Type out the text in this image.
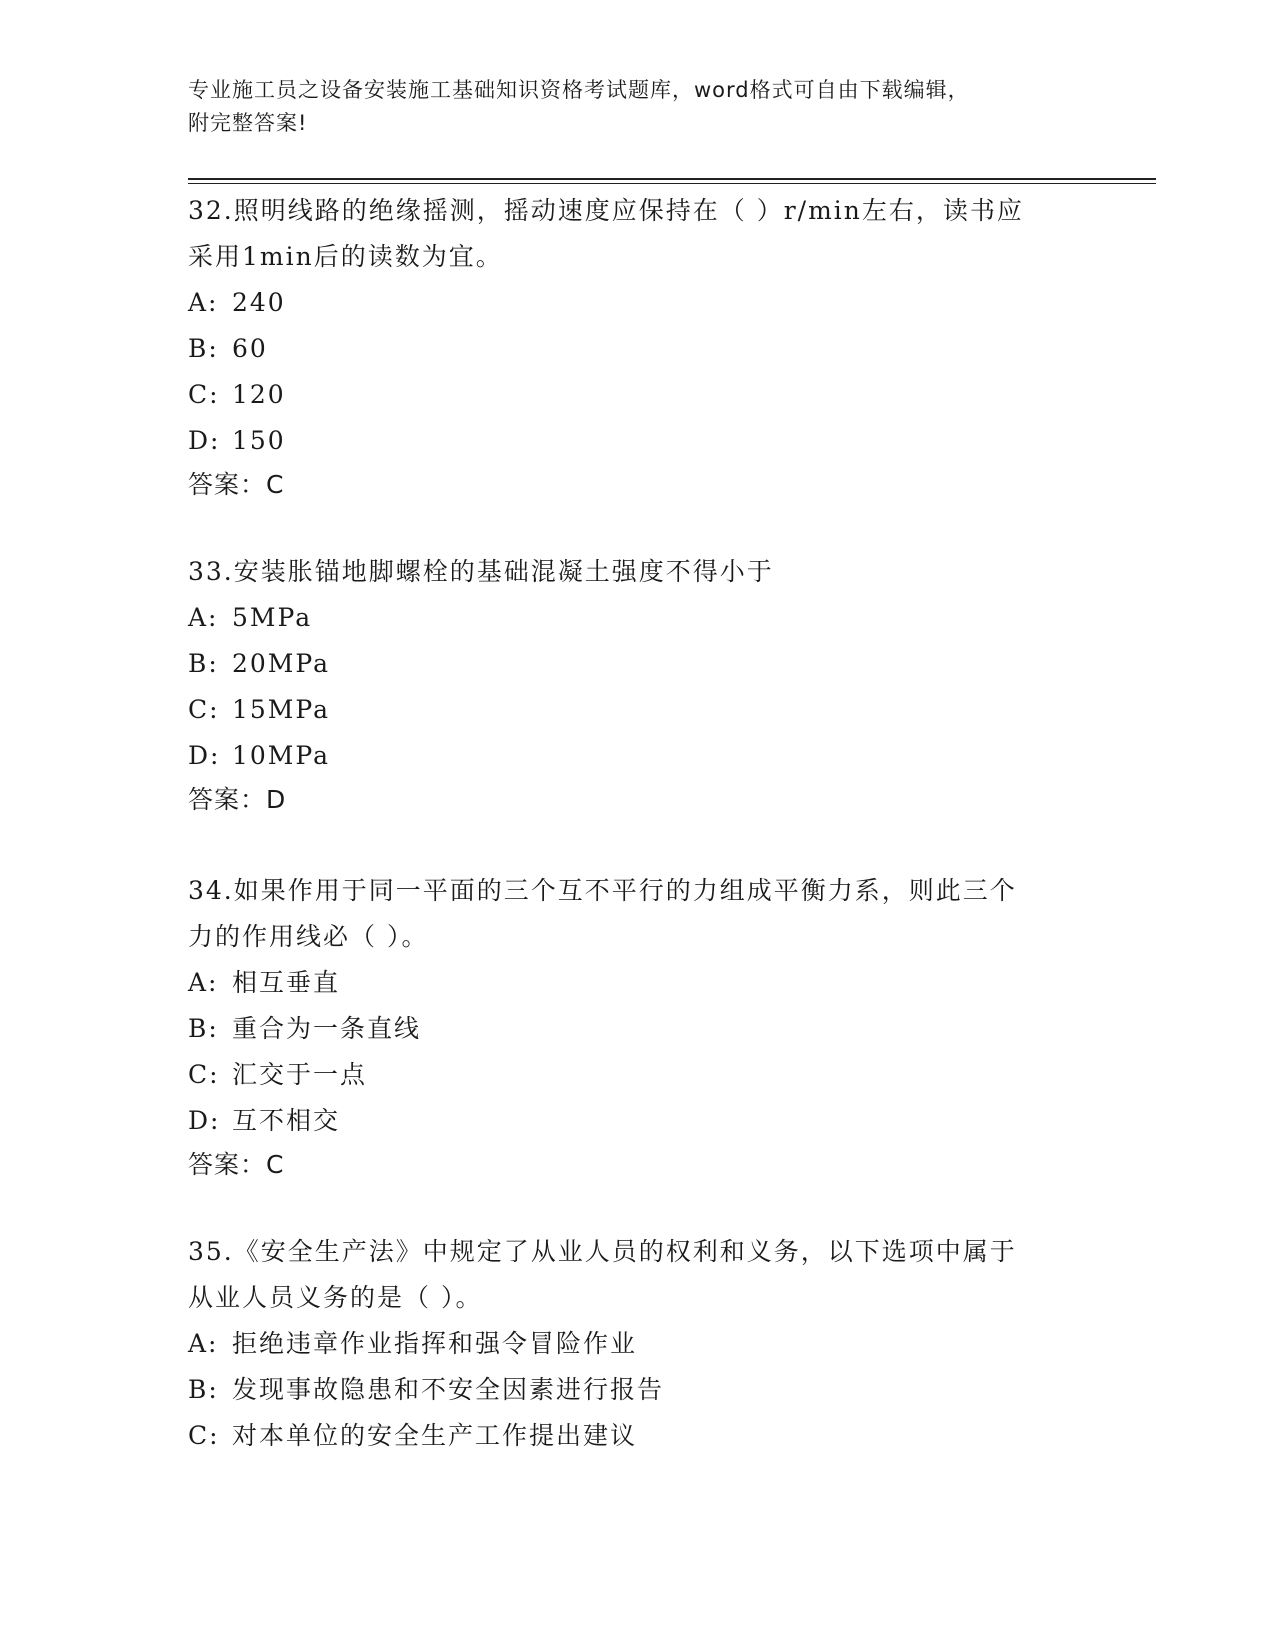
专业施工员之设备安装施工基础知识资格考试题库，word格式可自由下载编辑，

附完整答案!

32.照明线路的绝缘摇测，摇动速度应保持在（ ）r/min左右，读书应

采用1min后的读数为宜。

A: 240

B: 60

C: 120

D: 150

答案：C

33.安装胀锚地脚螺栓的基础混凝土强度不得小于

A: 5MPa

B: 20MPa

C: 15MPa

D: 10MPa

答案：D

34.如果作用于同一平面的三个互不平行的力组成平衡力系，则此三个

力的作用线必（ ）。

A: 相互垂直

B: 重合为一条直线

C: 汇交于一点

D: 互不相交

答案：C

35.《安全生产法》中规定了从业人员的权利和义务，以下选项中属于

从业人员义务的是（ ）。

A: 拒绝违章作业指挥和强令冒险作业

B: 发现事故隐患和不安全因素进行报告

C: 对本单位的安全生产工作提出建议
